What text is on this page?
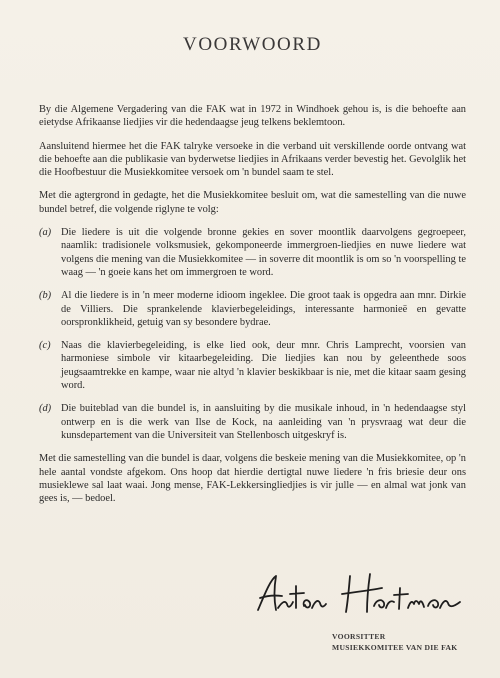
VOORWOORD

By die Algemene Vergadering van die FAK wat in 1972 in Windhoek gehou is, is die behoefte aan eietydse Afrikaanse liedjies vir die hedendaagse jeug telkens beklemtoon.

Aansluitend hiermee het die FAK talryke versoeke in die verband uit verskillende oorde ontvang wat die behoefte aan die publikasie van byderwetse liedjies in Afrikaans verder bevestig het. Gevolglik het die Hoofbestuur die Musiekkomitee versoek om 'n bundel saam te stel.

Met die agtergrond in gedagte, het die Musiekkomitee besluit om, wat die samestelling van die nuwe bundel betref, die volgende riglyne te volg:

(a) Die liedere is uit die volgende bronne gekies en sover moontlik daarvolgens gegroepeer, naamlik: tradisionele volksmusiek, gekomponeerde immergroen-liedjies en nuwe liedere wat volgens die mening van die Musiekkomitee — in soverre dit moontlik is om so 'n voorspelling te waag — 'n goeie kans het om immergroen te word.
(b) Al die liedere is in 'n meer moderne idioom ingeklee. Die groot taak is opgedra aan mnr. Dirkie de Villiers. Die sprankelende klavierbegeleidings, interessante harmonieë en gevatte oorspronklikheid, getuig van sy besondere bydrae.
(c)	Naas die klavierbegeleiding, is elke lied ook, deur mnr. Chris Lamprecht, voorsien van harmoniese simbole vir kitaarbegeleiding. Die liedjies kan nou by geleenthede soos jeugsaamtrekke en kampe, waar nie altyd 'n klavier beskikbaar is nie, met die kitaar saam gesing word.
(d) Die buiteblad van die bundel is, in aansluiting by die musikale inhoud, in 'n hedendaagse styl ontwerp en is die werk van Ilse de Kock, na aanleiding van 'n prysvraag wat deur die kunsdepartement van die Universiteit van Stellenbosch uitgeskryf is.

Met die samestelling van die bundel is daar, volgens die beskeie mening van die Musiekkomitee, op 'n hele aantal vondste afgekom. Ons hoop dat hierdie dertigtal nuwe liedere 'n fris briesie deur ons musieklewe sal laat waai. Jong mense, FAK-Lekkersingliedjies is vir julle — en almal wat jonk van gees is, — bedoel.

VOORSITTER
MUSIEKKOMITEE VAN DIE FAK
